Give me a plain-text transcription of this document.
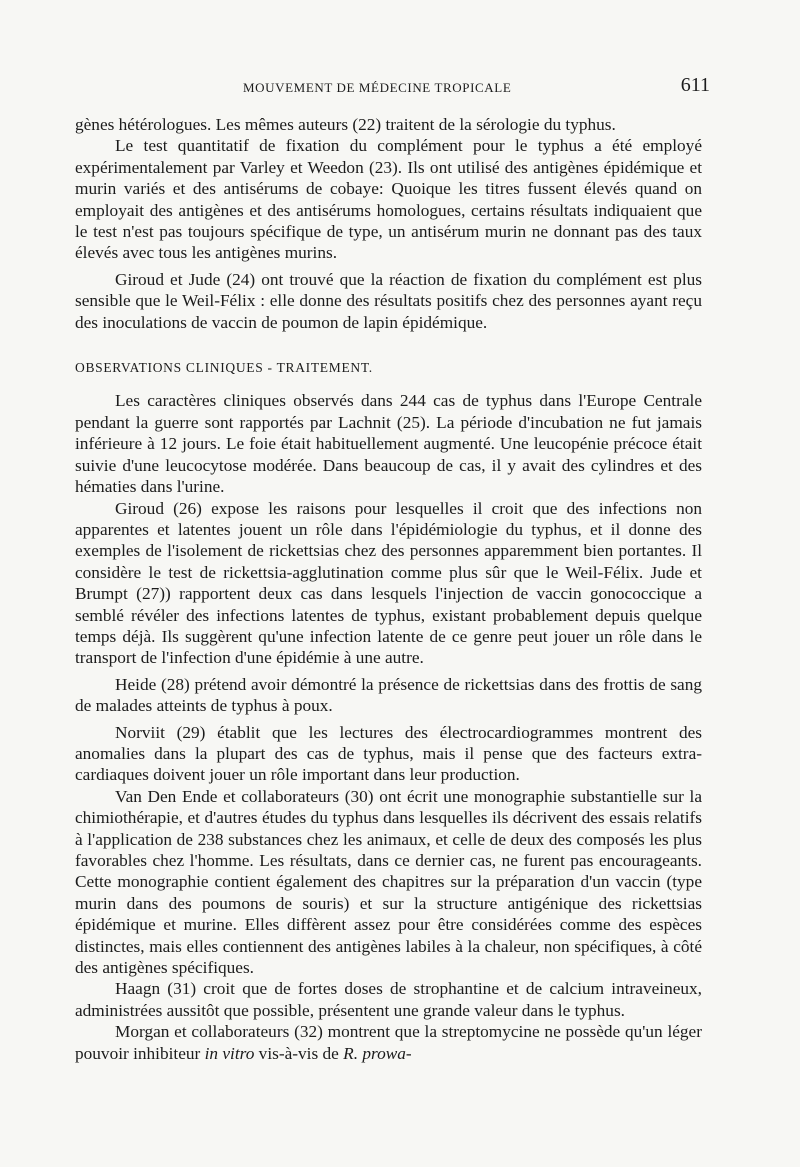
MOUVEMENT DE MÉDECINE TROPICALE	611

gènes hétérologues. Les mêmes auteurs (22) traitent de la sérologie du typhus.

Le test quantitatif de fixation du complément pour le typhus a été employé expérimentalement par Varley et Weedon (23). Ils ont utilisé des antigènes épidémique et murin variés et des antisérums de cobaye: Quoique les titres fussent élevés quand on employait des antigènes et des antisérums homologues, certains résultats indiquaient que le test n'est pas toujours spécifique de type, un antisérum murin ne donnant pas des taux élevés avec tous les antigènes murins.

Giroud et Jude (24) ont trouvé que la réaction de fixation du complément est plus sensible que le Weil-Félix : elle donne des résultats positifs chez des personnes ayant reçu des inoculations de vaccin de poumon de lapin épidémique.

OBSERVATIONS CLINIQUES - TRAITEMENT.

Les caractères cliniques observés dans 244 cas de typhus dans l'Europe Centrale pendant la guerre sont rapportés par Lachnit (25). La période d'incubation ne fut jamais inférieure à 12 jours. Le foie était habituellement augmenté. Une leucopénie précoce était suivie d'une leucocytose modérée. Dans beaucoup de cas, il y avait des cylindres et des hématies dans l'urine.

Giroud (26) expose les raisons pour lesquelles il croit que des infections non apparentes et latentes jouent un rôle dans l'épidémiologie du typhus, et il donne des exemples de l'isolement de rickettsias chez des personnes apparemment bien portantes. Il considère le test de rickettsia-agglutination comme plus sûr que le Weil-Félix. Jude et Brumpt (27)) rapportent deux cas dans lesquels l'injection de vaccin gonococcique a semblé révéler des infections latentes de typhus, existant probablement depuis quelque temps déjà. Ils suggèrent qu'une infection latente de ce genre peut jouer un rôle dans le transport de l'infection d'une épidémie à une autre.

Heide (28) prétend avoir démontré la présence de rickettsias dans des frottis de sang de malades atteints de typhus à poux.

Norviit (29) établit que les lectures des électrocardiogrammes montrent des anomalies dans la plupart des cas de typhus, mais il pense que des facteurs extra-cardiaques doivent jouer un rôle important dans leur production.

Van Den Ende et collaborateurs (30) ont écrit une monographie substantielle sur la chimiothérapie, et d'autres études du typhus dans lesquelles ils décrivent des essais relatifs à l'application de 238 substances chez les animaux, et celle de deux des composés les plus favorables chez l'homme. Les résultats, dans ce dernier cas, ne furent pas encourageants. Cette monographie contient également des chapitres sur la préparation d'un vaccin (type murin dans des poumons de souris) et sur la structure antigénique des rickettsias épidémique et murine. Elles diffèrent assez pour être considérées comme des espèces distinctes, mais elles contiennent des antigènes labiles à la chaleur, non spécifiques, à côté des antigènes spécifiques.

Haagn (31) croit que de fortes doses de strophantine et de calcium intraveineux, administrées aussitôt que possible, présentent une grande valeur dans le typhus.

Morgan et collaborateurs (32) montrent que la streptomycine ne possède qu'un léger pouvoir inhibiteur in vitro vis-à-vis de R. prowa-
